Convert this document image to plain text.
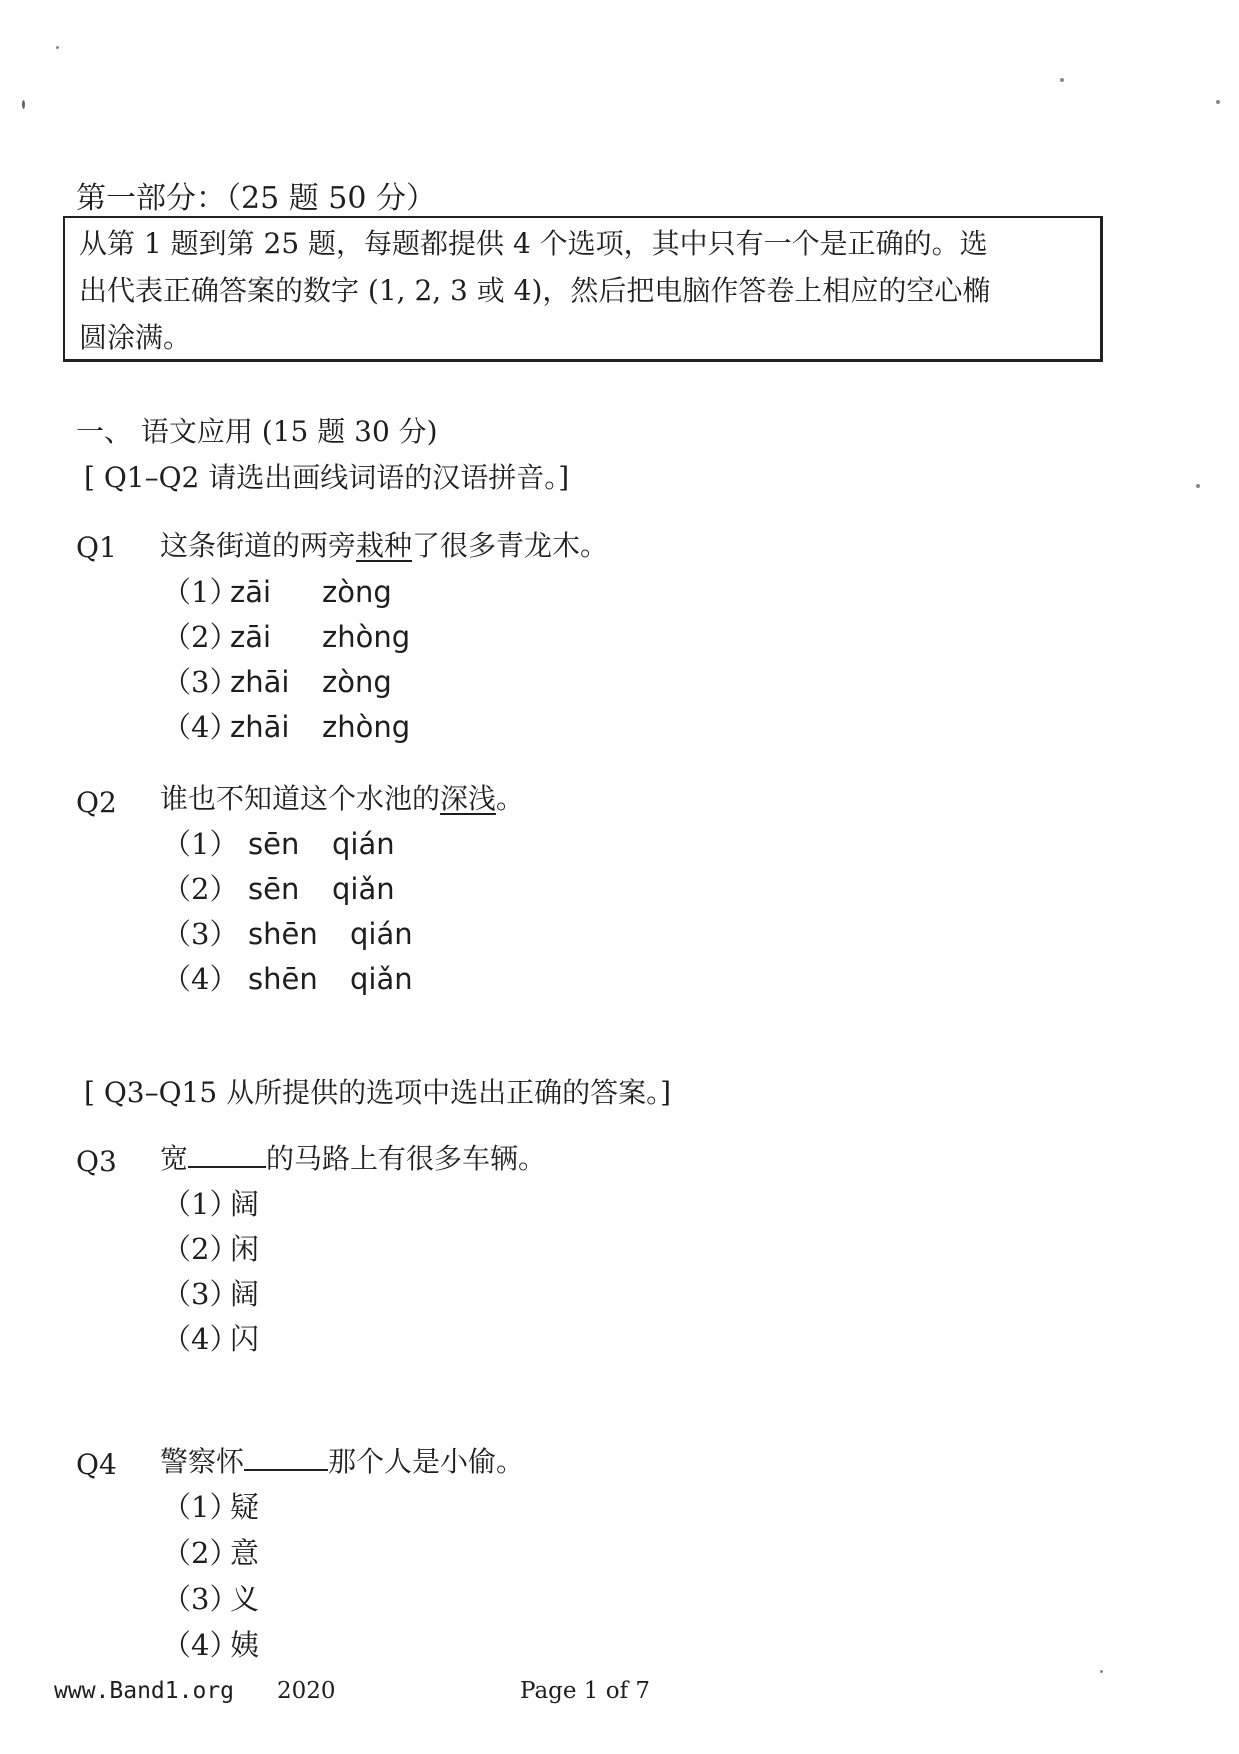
第一部分：（25 题 50 分）
从第 1 题到第 25 题，每题都提供 4 个选项，其中只有一个是正确的。选
出代表正确答案的数字 (1, 2, 3 或 4)，然后把电脑作答卷上相应的空心椭
圆涂满。
一、 语文应用 (15 题 30 分)
[ Q1–Q2 请选出画线词语的汉语拼音。]
Q1 这条街道的两旁栽种了很多青龙木。
（1）zāi zòng
（2）zāi zhòng
（3）zhāi zòng
（4）zhāi zhòng
Q2 谁也不知道这个水池的深浅。
（1） sēn qián
（2） sēn qiǎn
（3） shēn qián
（4） shēn qiǎn
[ Q3–Q15 从所提供的选项中选出正确的答案。]
Q3 宽	的马路上有很多车辆。
（1）阔
（2）闲
（3）阔
（4）闪
Q4 警察怀	那个人是小偷。
（1）疑
（2）意
（3）义
（4）姨
www.Band1.org 2020	Page 1 of 7
